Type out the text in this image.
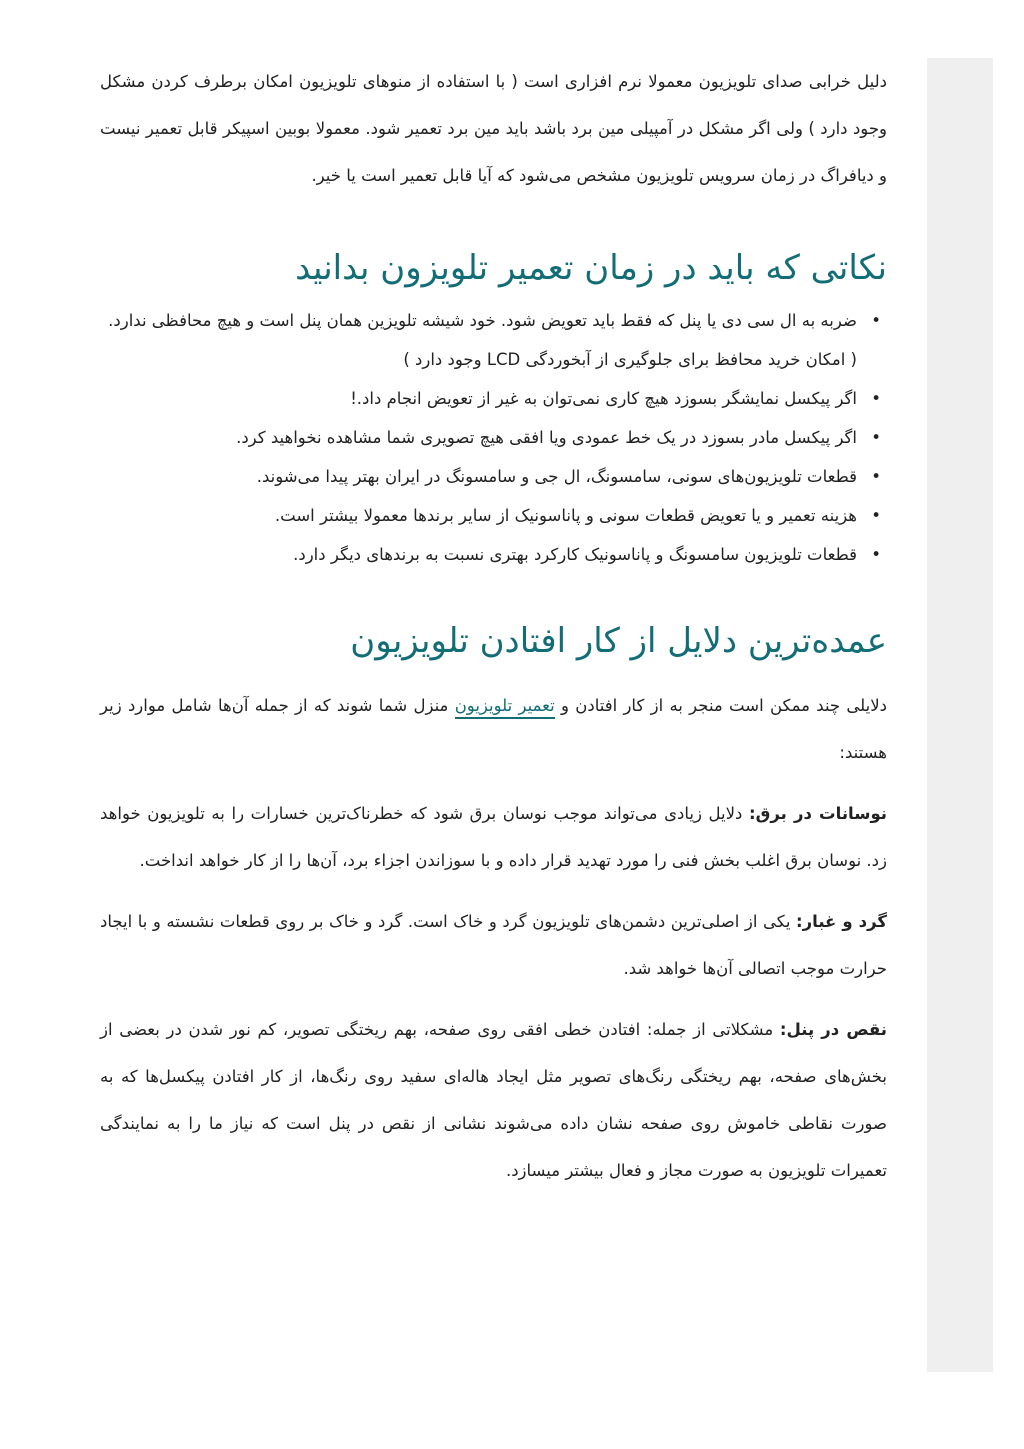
دلیل خرابی صدای تلویزیون معمولا نرم افزاری است ( با استفاده از منوهای تلویزیون امکان برطرف کردن مشکل وجود دارد ) ولی اگر مشکل در آمپیلی مین برد باشد باید مین برد تعمیر شود. معمولا بوبین اسپیکر قابل تعمیر نیست و دیافراگ در زمان سرویس تلویزیون مشخص می‌شود که آیا قابل تعمیر است یا خیر.

نکاتی که باید در زمان تعمیر تلویزون بدانید
• ضربه به ال سی دی یا پنل که فقط باید تعویض شود. خود شیشه تلویزین همان پنل است و هیچ محافظی ندارد. ( امکان خرید محافظ برای جلوگیری از آبخوردگی LCD وجود دارد )
• اگر پیکسل نمایشگر بسوزد هیچ کاری نمی‌توان به غیر از تعویض انجام داد.!
• اگر پیکسل مادر بسوزد در یک خط عمودی ویا افقی هیچ تصویری شما مشاهده نخواهید کرد.
• قطعات تلویزیون‌های سونی، سامسونگ، ال جی و سامسونگ در ایران بهتر پیدا می‌شوند.
• هزینه تعمیر و یا تعویض قطعات سونی و پاناسونیک از سایر برندها معمولا بیشتر است.
• قطعات تلویزیون سامسونگ و پاناسونیک کارکرد بهتری نسبت به برندهای دیگر دارد.
عمده‌ترین دلایل از کار افتادن تلویزیون

دلایلی چند ممکن است منجر به از کار افتادن و تعمیر تلویزیون منزل شما شوند که از جمله آن‌ها شامل موارد زیر هستند:

نوسانات در برق: دلایل زیادی می‌تواند موجب نوسان برق شود که خطرناک‌ترین خسارات را به تلویزیون خواهد زد. نوسان برق اغلب بخش فنی را مورد تهدید قرار داده و با سوزاندن اجزاء برد، آن‌ها را از کار خواهد انداخت.

گرد و غبار: یکی از اصلی‌ترین دشمن‌های تلویزیون گرد و خاک است. گرد و خاک بر روی قطعات نشسته و با ایجاد حرارت موجب اتصالی آن‌ها خواهد شد.

نقص در پنل: مشکلاتی از جمله: افتادن خطی افقی روی صفحه، بهم ریختگی تصویر، کم نور شدن در بعضی از بخش‌های صفحه، بهم ریختگی رنگ‌های تصویر مثل ایجاد هاله‌ای سفید روی رنگ‌ها، از کار افتادن پیکسل‌ها که به صورت نقاطی خاموش روی صفحه نشان داده می‌شوند نشانی از نقص در پنل است که نیاز ما را به نمایندگی تعمیرات تلویزیون به صورت مجاز و فعال بیشتر میسازد.
